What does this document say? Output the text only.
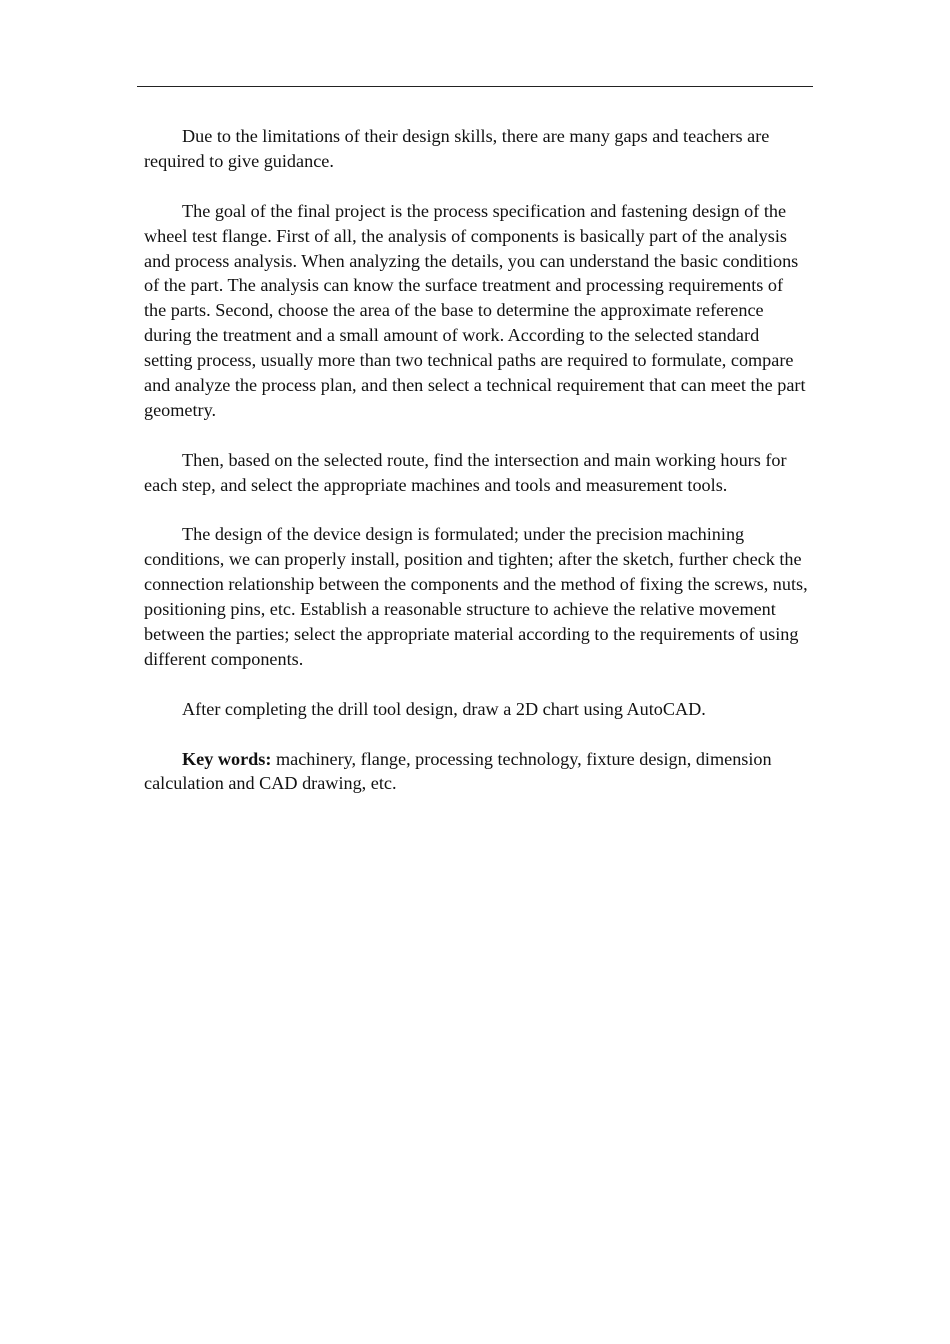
Due to the limitations of their design skills, there are many gaps and teachers are required to give guidance.

The goal of the final project is the process specification and fastening design of the wheel test flange. First of all, the analysis of components is basically part of the analysis and process analysis. When analyzing the details, you can understand the basic conditions of the part. The analysis can know the surface treatment and processing requirements of the parts. Second, choose the area of the base to determine the approximate reference during the treatment and a small amount of work. According to the selected standard setting process, usually more than two technical paths are required to formulate, compare and analyze the process plan, and then select a technical requirement that can meet the part geometry.

Then, based on the selected route, find the intersection and main working hours for each step, and select the appropriate machines and tools and measurement tools.

The design of the device design is formulated; under the precision machining conditions, we can properly install, position and tighten; after the sketch, further check the connection relationship between the components and the method of fixing the screws, nuts, positioning pins, etc. Establish a reasonable structure to achieve the relative movement between the parties; select the appropriate material according to the requirements of using different components.

After completing the drill tool design, draw a 2D chart using AutoCAD.

Key words: machinery, flange, processing technology, fixture design, dimension calculation and CAD drawing, etc.
